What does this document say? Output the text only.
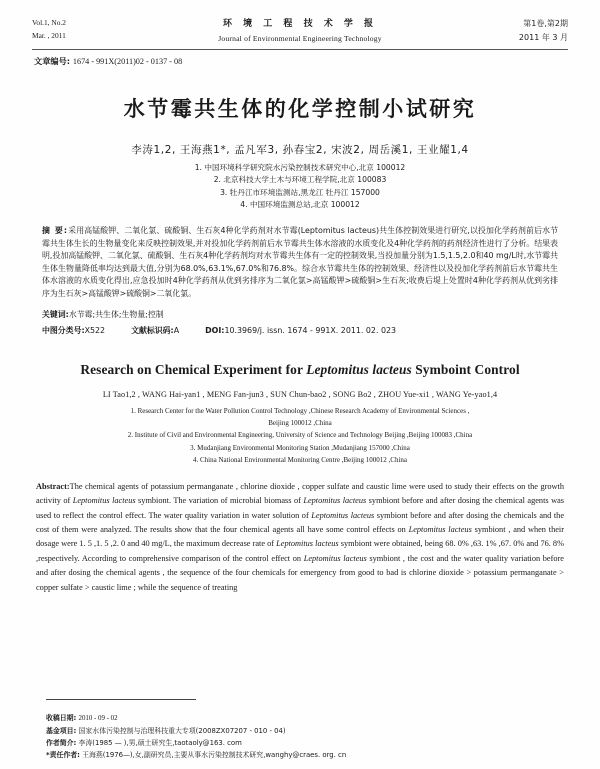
Vol.1, No.2
Mar. , 2011
环 境 工 程 技 术 学 报
Journal of Environmental Engineering Technology
第1卷,第2期
2011 年 3 月
文章编号: 1674 - 991X(2011)02 - 0137 - 08
水节霉共生体的化学控制小试研究
李涛1,2, 王海燕1*, 孟凡军3, 孙春宝2, 宋波2, 周岳溪1, 王业耀1,4
1. 中国环境科学研究院水污染控制技术研究中心,北京 100012
2. 北京科技大学土木与环境工程学院,北京 100083
3. 牡丹江市环境监测站,黑龙江 牡丹江 157000
4. 中国环境监测总站,北京 100012
摘 要:采用高锰酸钾、二氧化氯、硫酸铜、生石灰4种化学药剂对水节霉(Leptomitus lacteus)共生体控制效果进行研究,以投加化学药剂前后水节霉共生体生长的生物量变化来反映控制效果,并对投加化学药剂前后水节霉共生体水溶液的水质变化及4种化学药剂的药剂经济性进行了分析。结果表明,投加高锰酸钾、二氧化氯、硫酸铜、生石灰4种化学药剂均对水节霉共生体有一定的控制效果,当投加量分别为1.5,1.5,2.0和40 mg/L时,水节霉共生体生物量降低率均达到最大值,分别为68.0%,63.1%,67.0%和76.8%。综合水节霉共生体的控制效果、经济性以及投加化学药剂前后水节霉共生体水溶液的水质变化得出,应急投加时4种化学药剂从优到劣排序为二氧化氯>高锰酸钾>硫酸铜>生石灰;收费后堤上处置时4种化学药剂从优到劣排序为生石灰>高锰酸钾>硫酸铜>二氧化氯。
关键词:水节霉;共生体;生物量;控制
中图分类号:X522	文献标识码:A	DOI:10.3969/j. issn. 1674 - 991X. 2011. 02. 023
Research on Chemical Experiment for Leptomitus lacteus Symboint Control
LI Tao1,2 , WANG Hai-yan1 , MENG Fan-jun3 , SUN Chun-bao2 , SONG Bo2 , ZHOU Yue-xi1 , WANG Ye-yao1,4
1. Research Center for the Water Pollution Control Technology ,Chinese Research Academy of Environmental Sciences ,
Beijing 100012 ,China
2. Institute of Civil and Environmental Engineering, University of Science and Technology Beijing ,Beijing 100083 ,China
3. Mudanjiang Environmental Monitoring Station ,Mudanjiang 157000 ,China
4. China National Environmental Monitoring Centre ,Beijing 100012 ,China
Abstract:The chemical agents of potassium permanganate , chlorine dioxide , copper sulfate and caustic lime were used to study their effects on the growth activity of Leptomitus lacteus symbiont. The variation of microbial biomass of Leptomitus lacteus symbiont before and after dosing the chemical agents was used to reflect the control effect. The water quality variation in water solution of Leptomitus lacteus symbiont before and after dosing the chemicals and the cost of them were analyzed. The results show that the four chemical agents all have some control effects on Leptomitus lacteus symbiont , and when their dosage were 1. 5 ,1. 5 ,2. 0 and 40 mg/L, the maximum decrease rate of Leptomitus lacteus symbiont were obtained, being 68. 0% ,63. 1% ,67. 0% and 76. 8% ,respectively. According to comprehensive comparison of the control effect on Leptomitus lacteus symbiont , the cost and the water quality variation before and after dosing the chemical agents , the sequence of the four chemicals for emergency from good to bad is chlorine dioxide > potassium permanganate > copper sulfate > caustic lime ; while the sequence of treating
收稿日期: 2010 - 09 - 02
基金项目: 国家水体污染控制与治理科技重大专项(2008ZX07207 - 010 - 04)
作者简介: 李涛(1985 — ),男,硕士研究生,taotaoly@163. com
*责任作者: 王海燕(1976—),女,副研究员,主要从事水污染控制技术研究,wanghy@craes. org. cn
